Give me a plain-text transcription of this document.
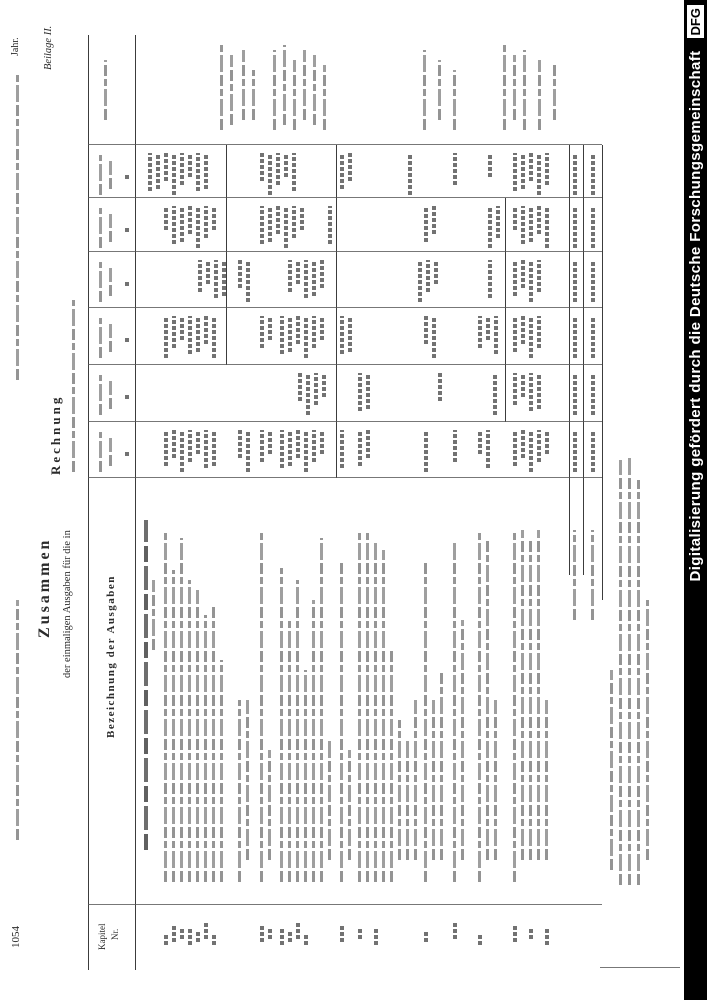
1054
Jahr. Beilage II.
Zusammen der einmaligen Ausgaben für die in
Rechnung
Kapitel Nr.
Bezeichnung der Ausgaben
Digitalisierung gefördert durch die Deutsche Forschungsgemeinschaft
DFG
